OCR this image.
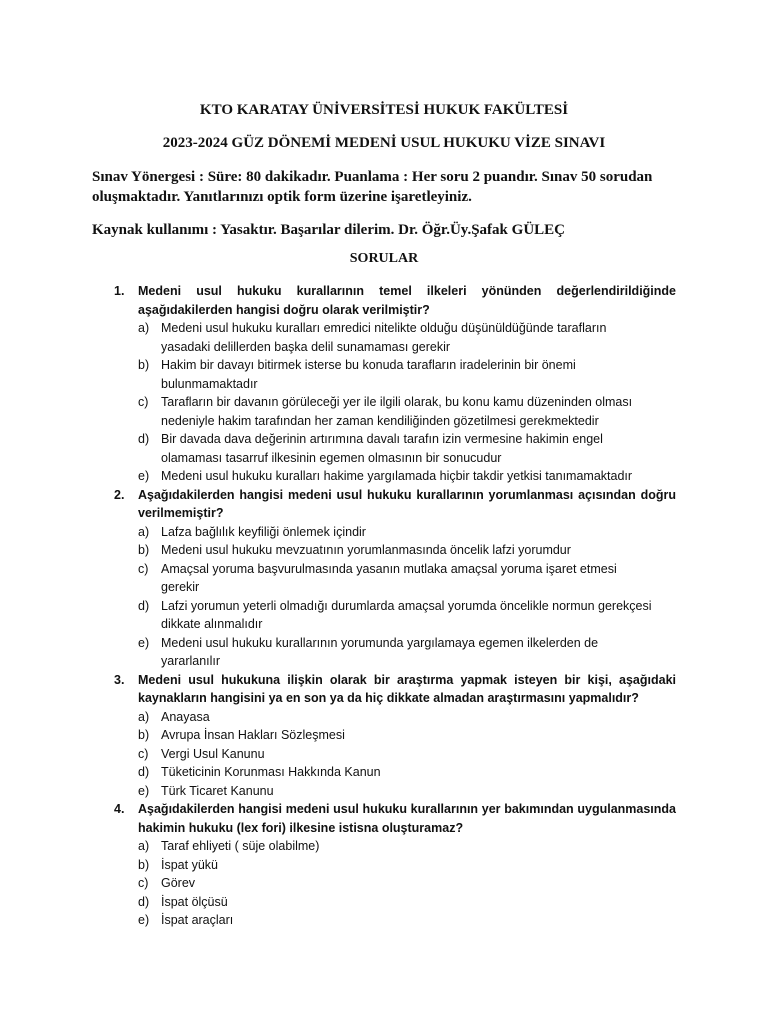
KTO KARATAY ÜNİVERSİTESİ HUKUK FAKÜLTESİ
2023-2024 GÜZ DÖNEMİ MEDENİ USUL HUKUKU VİZE SINAVI
Sınav Yönergesi : Süre: 80 dakikadır. Puanlama : Her soru 2 puandır. Sınav 50 sorudan oluşmaktadır. Yanıtlarınızı optik form üzerine işaretleyiniz.
Kaynak kullanımı : Yasaktır. Başarılar dilerim. Dr. Öğr.Üy.Şafak GÜLEÇ
SORULAR
1.	Medeni usul hukuku kurallarının temel ilkeleri yönünden değerlendirildiğinde aşağıdakilerden hangisi doğru olarak verilmiştir?
a) Medeni usul hukuku kuralları emredici nitelikte olduğu düşünüldüğünde tarafların yasadaki delillerden başka delil sunamaması gerekir
b) Hakim bir davayı bitirmek isterse bu konuda tarafların iradelerinin bir önemi bulunmamaktadır
c)	Tarafların bir davanın görüleceği yer ile ilgili olarak, bu konu kamu düzeninden olması nedeniyle hakim tarafından her zaman kendiliğinden gözetilmesi gerekmektedir
d) Bir davada dava değerinin artırımına davalı tarafın izin vermesine hakimin engel olamaması tasarruf ilkesinin egemen olmasının bir sonucudur
e) Medeni usul hukuku kuralları hakime yargılamada hiçbir takdir yetkisi tanımamaktadır
2.	Aşağıdakilerden hangisi medeni usul hukuku kurallarının yorumlanması açısından doğru verilmemiştir?
a) Lafza bağlılık keyfiliği önlemek içindir
b) Medeni usul hukuku mevzuatının yorumlanmasında öncelik lafzi yorumdur
c)	Amaçsal yoruma başvurulmasında yasanın mutlaka amaçsal yoruma işaret etmesi gerekir
d) Lafzi yorumun yeterli olmadığı durumlarda amaçsal yorumda öncelikle normun gerekçesi dikkate alınmalıdır
e) Medeni usul hukuku kurallarının yorumunda yargılamaya egemen ilkelerden de yararlanılır
3.	Medeni usul hukukuna ilişkin olarak bir araştırma yapmak isteyen bir kişi, aşağıdaki kaynakların hangisini ya en son ya da hiç dikkate almadan araştırmasını yapmalıdır?
a) Anayasa
b) Avrupa İnsan Hakları Sözleşmesi
c)	Vergi Usul Kanunu
d) Tüketicinin Korunması Hakkında Kanun
e) Türk Ticaret Kanunu
4.	Aşağıdakilerden hangisi medeni usul hukuku kurallarının yer bakımından uygulanmasında hakimin hukuku (lex fori) ilkesine istisna oluşturamaz?
a) Taraf ehliyeti ( süje olabilme)
b) İspat yükü
c)	Görev
d) İspat ölçüsü
e) İspat araçları
